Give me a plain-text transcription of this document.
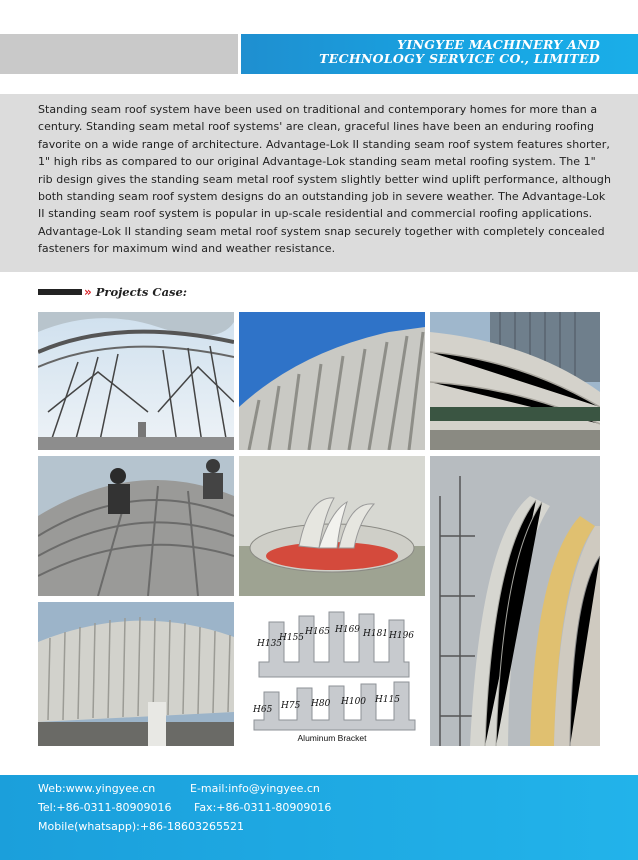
YINGYEE MACHINERY AND
TECHNOLOGY SERVICE CO., LIMITED

Standing seam roof system have been used on traditional and contemporary homes for more than a century. Standing seam metal roof systems' are clean, graceful lines have been an enduring roofing favorite on a wide range of architecture. Advantage-Lok II standing seam roof system features shorter, 1" high ribs as compared to our original Advantage-Lok standing seam metal roofing system. The 1" rib design gives the standing seam metal roof system slightly better wind uplift performance, although both standing seam roof system designs do an outstanding job in severe weather. The Advantage-Lok II standing seam roof system is popular in up-scale residential and commercial roofing applications. Advantage-Lok II standing seam metal roof system snap securely together with completely concealed fasteners for maximum wind and weather resistance.

» Projects Case:
H135
H155
H165 H169 H181 H196
H65 H75 H80 H100 H115
Aluminum Bracket
Web:www.yingyee.cn	E-mail:info@yingyee.cn
Tel:+86-0311-80909016	Fax:+86-0311-80909016
Mobile(whatsapp):+86-18603265521
